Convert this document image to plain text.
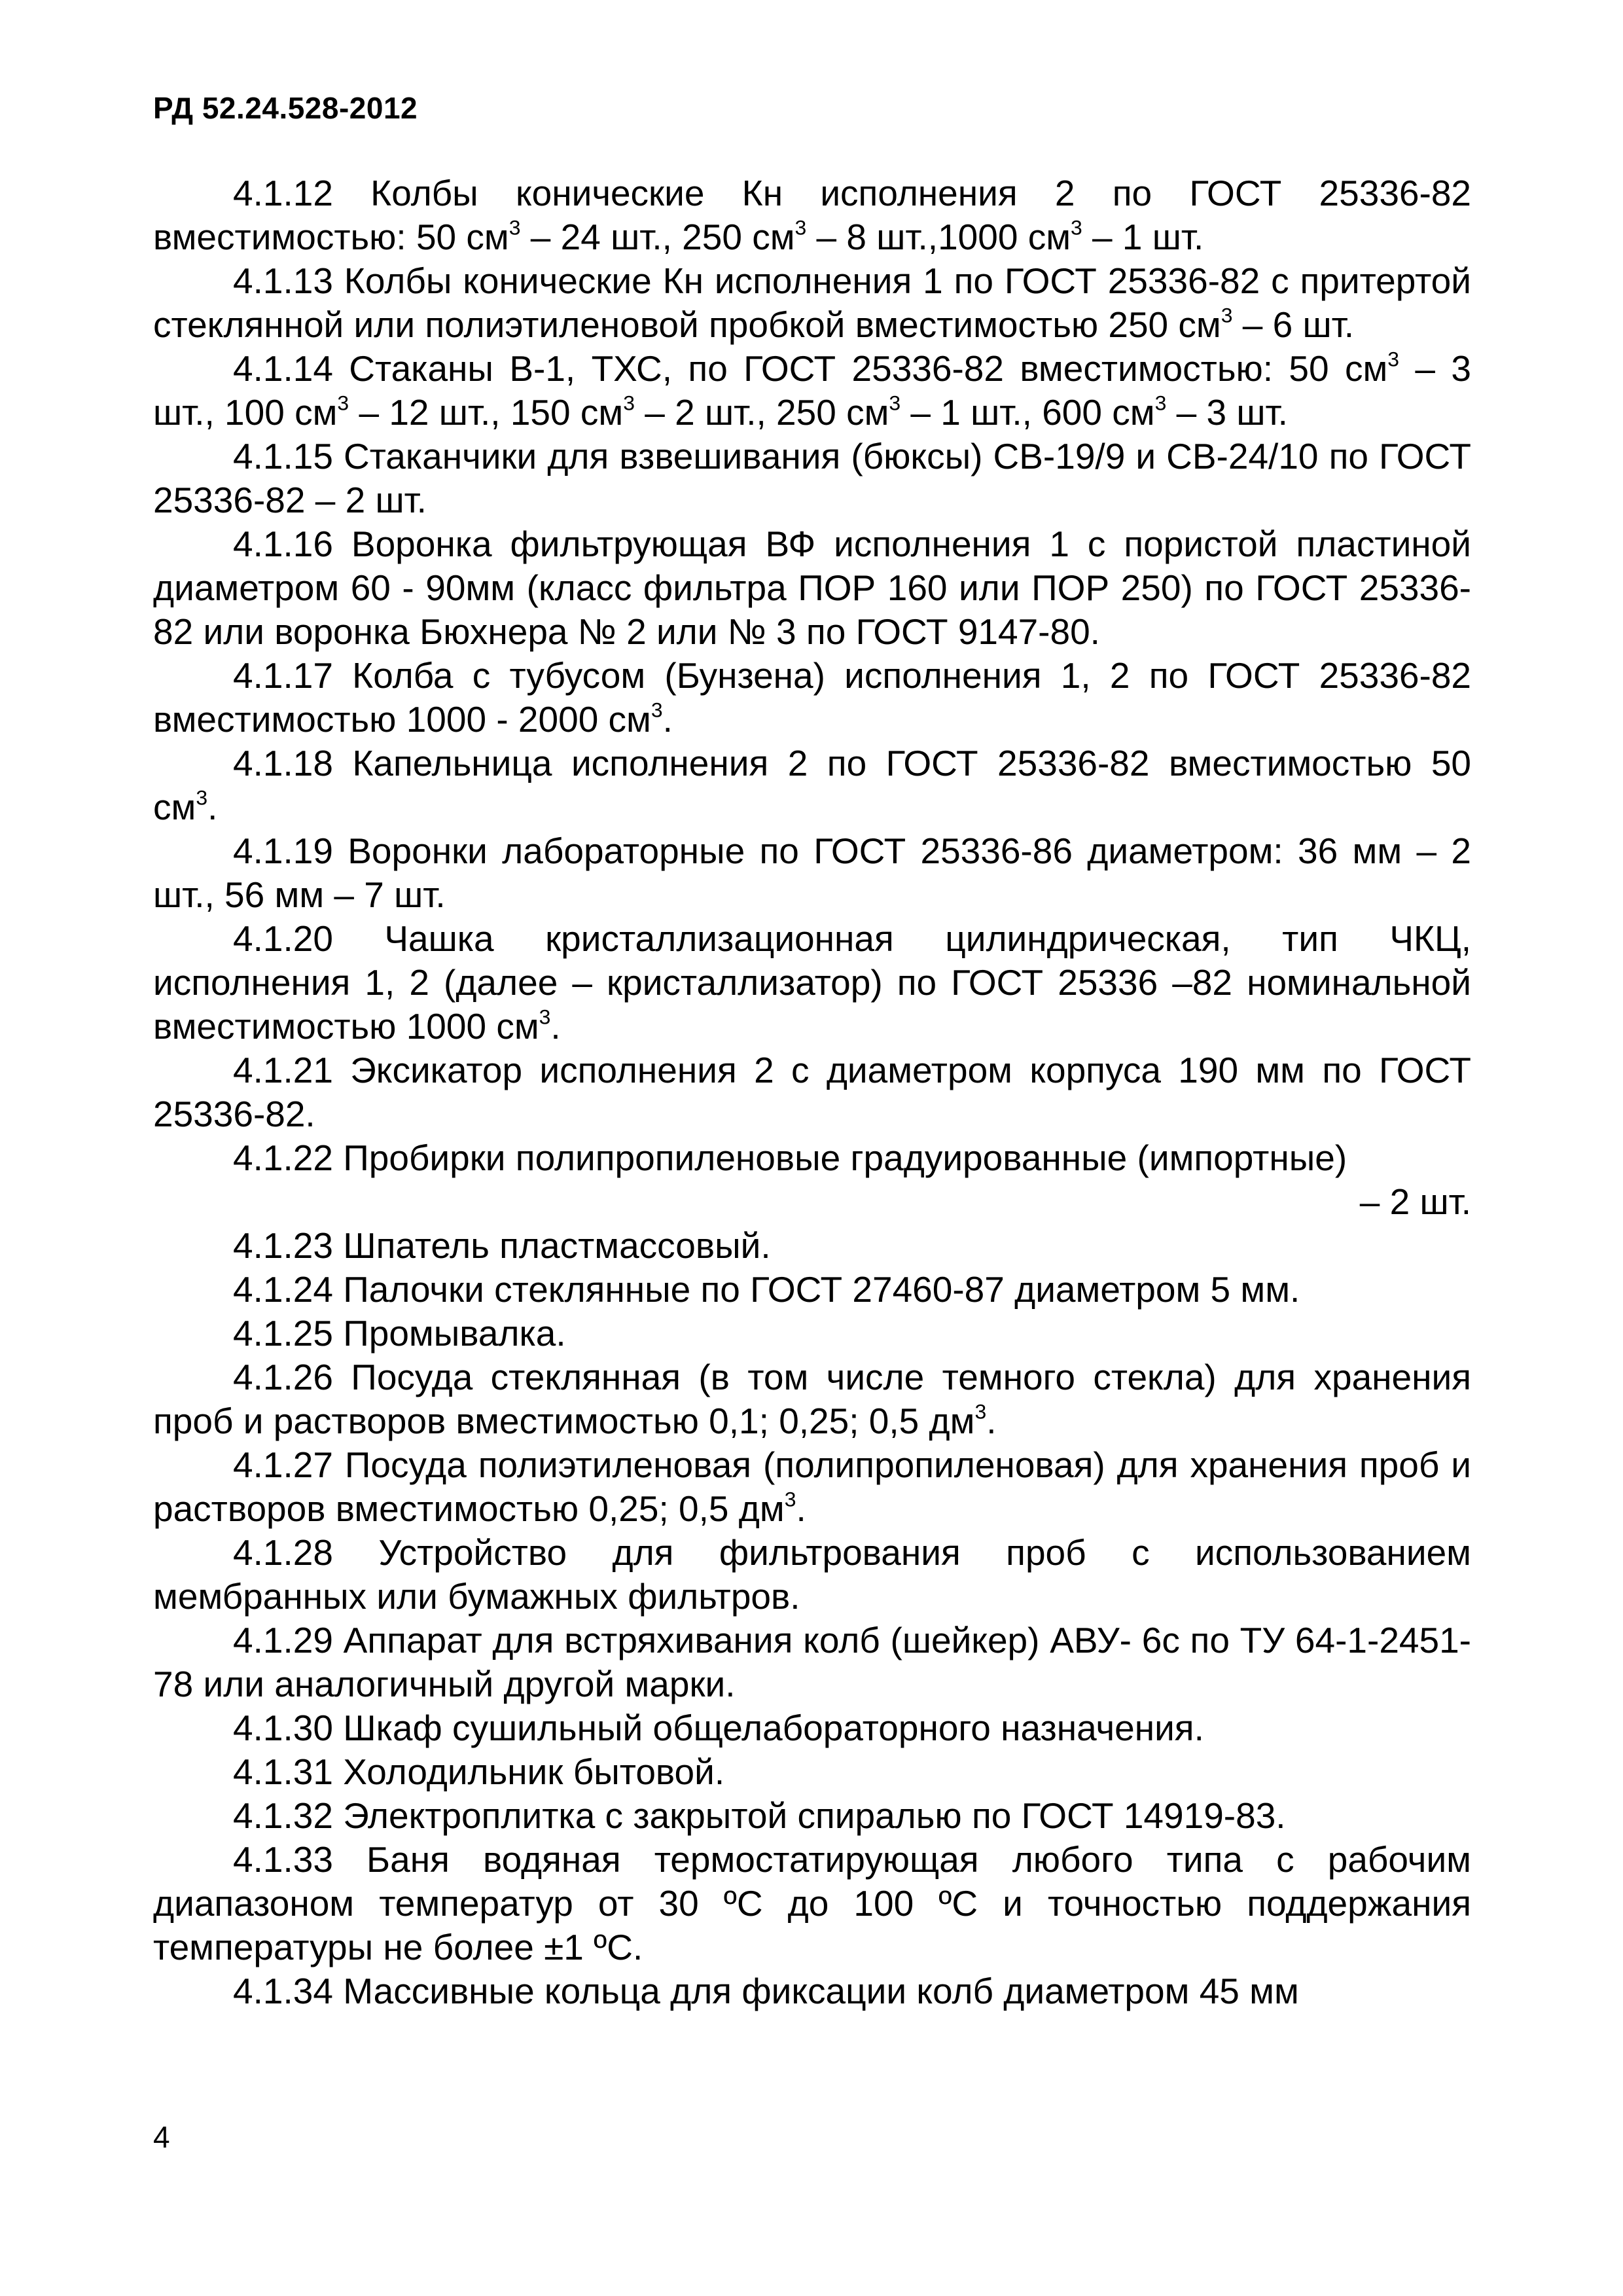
РД 52.24.528-2012

4.1.12 Колбы конические Кн исполнения 2 по ГОСТ 25336-82 вместимостью: 50 $см^3 - 24$ шт., 250 $см^3 - 8$ шт.,1000 $см^3 - 1$ шт.

4.1.13 Колбы конические Кн исполнения 1 по ГОСТ 25336-82 с притертой стеклянной или полиэтиленовой пробкой вместимостью 250 $см^3 - 6$ шт.

4.1.14 Стаканы В-1, ТХС, по ГОСТ 25336-82 вместимостью: 50 $см^3 - 3$ шт., 100 $см^3 - 12$ шт., 150 $см^3 - 2$ шт., 250 $см^3 - 1$ шт., 600 $см^3 - 3$ шт.

4.1.15 Стаканчики для взвешивания (бюксы) СВ-19/9 и СВ-24/10 по ГОСТ 25336-82 – 2 шт.

4.1.16 Воронка фильтрующая ВФ исполнения 1 с пористой пластиной диаметром 60 - 90мм (класс фильтра ПОР 160 или ПОР 250) по ГОСТ 25336-82 или воронка Бюхнера № 2 или № 3 по ГОСТ 9147-80.

4.1.17 Колба с тубусом (Бунзена) исполнения 1, 2 по ГОСТ 25336-82 вместимостью 1000 - 2000 $см^3$.

4.1.18 Капельница исполнения 2 по ГОСТ 25336-82 вместимостью 50 $см^3$.

4.1.19 Воронки лабораторные по ГОСТ 25336-86 диаметром: 36 мм – 2 шт., 56 мм – 7 шт.

4.1.20 Чашка кристаллизационная цилиндрическая, тип ЧКЦ, исполнения 1, 2 (далее – кристаллизатор) по ГОСТ 25336 –82 номинальной вместимостью 1000 $см^3$.

4.1.21 Эксикатор исполнения 2 с диаметром корпуса 190 мм по ГОСТ 25336-82.

4.1.22 Пробирки полипропиленовые градуированные (импортные)

– 2 шт.

4.1.23 Шпатель пластмассовый.

4.1.24 Палочки стеклянные по ГОСТ 27460-87 диаметром 5 мм.

4.1.25 Промывалка.

4.1.26 Посуда стеклянная (в том числе темного стекла) для хранения проб и растворов вместимостью 0,1; 0,25; 0,5 $дм^3$.

4.1.27 Посуда полиэтиленовая (полипропиленовая) для хранения проб и растворов вместимостью 0,25; 0,5 $дм^3$.

4.1.28 Устройство для фильтрования проб с использованием мембранных или бумажных фильтров.

4.1.29 Аппарат для встряхивания колб (шейкер) АВУ- 6с по ТУ 64-1-2451-78 или аналогичный другой марки.

4.1.30 Шкаф сушильный общелабораторного назначения.

4.1.31 Холодильник бытовой.

4.1.32 Электроплитка с закрытой спиралью по ГОСТ 14919-83.

4.1.33 Баня водяная термостатирующая любого типа с рабочим диапазоном температур от 30 ºС до 100 ºС и точностью поддержания температуры не более ±1 ºС.

4.1.34 Массивные кольца для фиксации колб диаметром 45 мм

4
